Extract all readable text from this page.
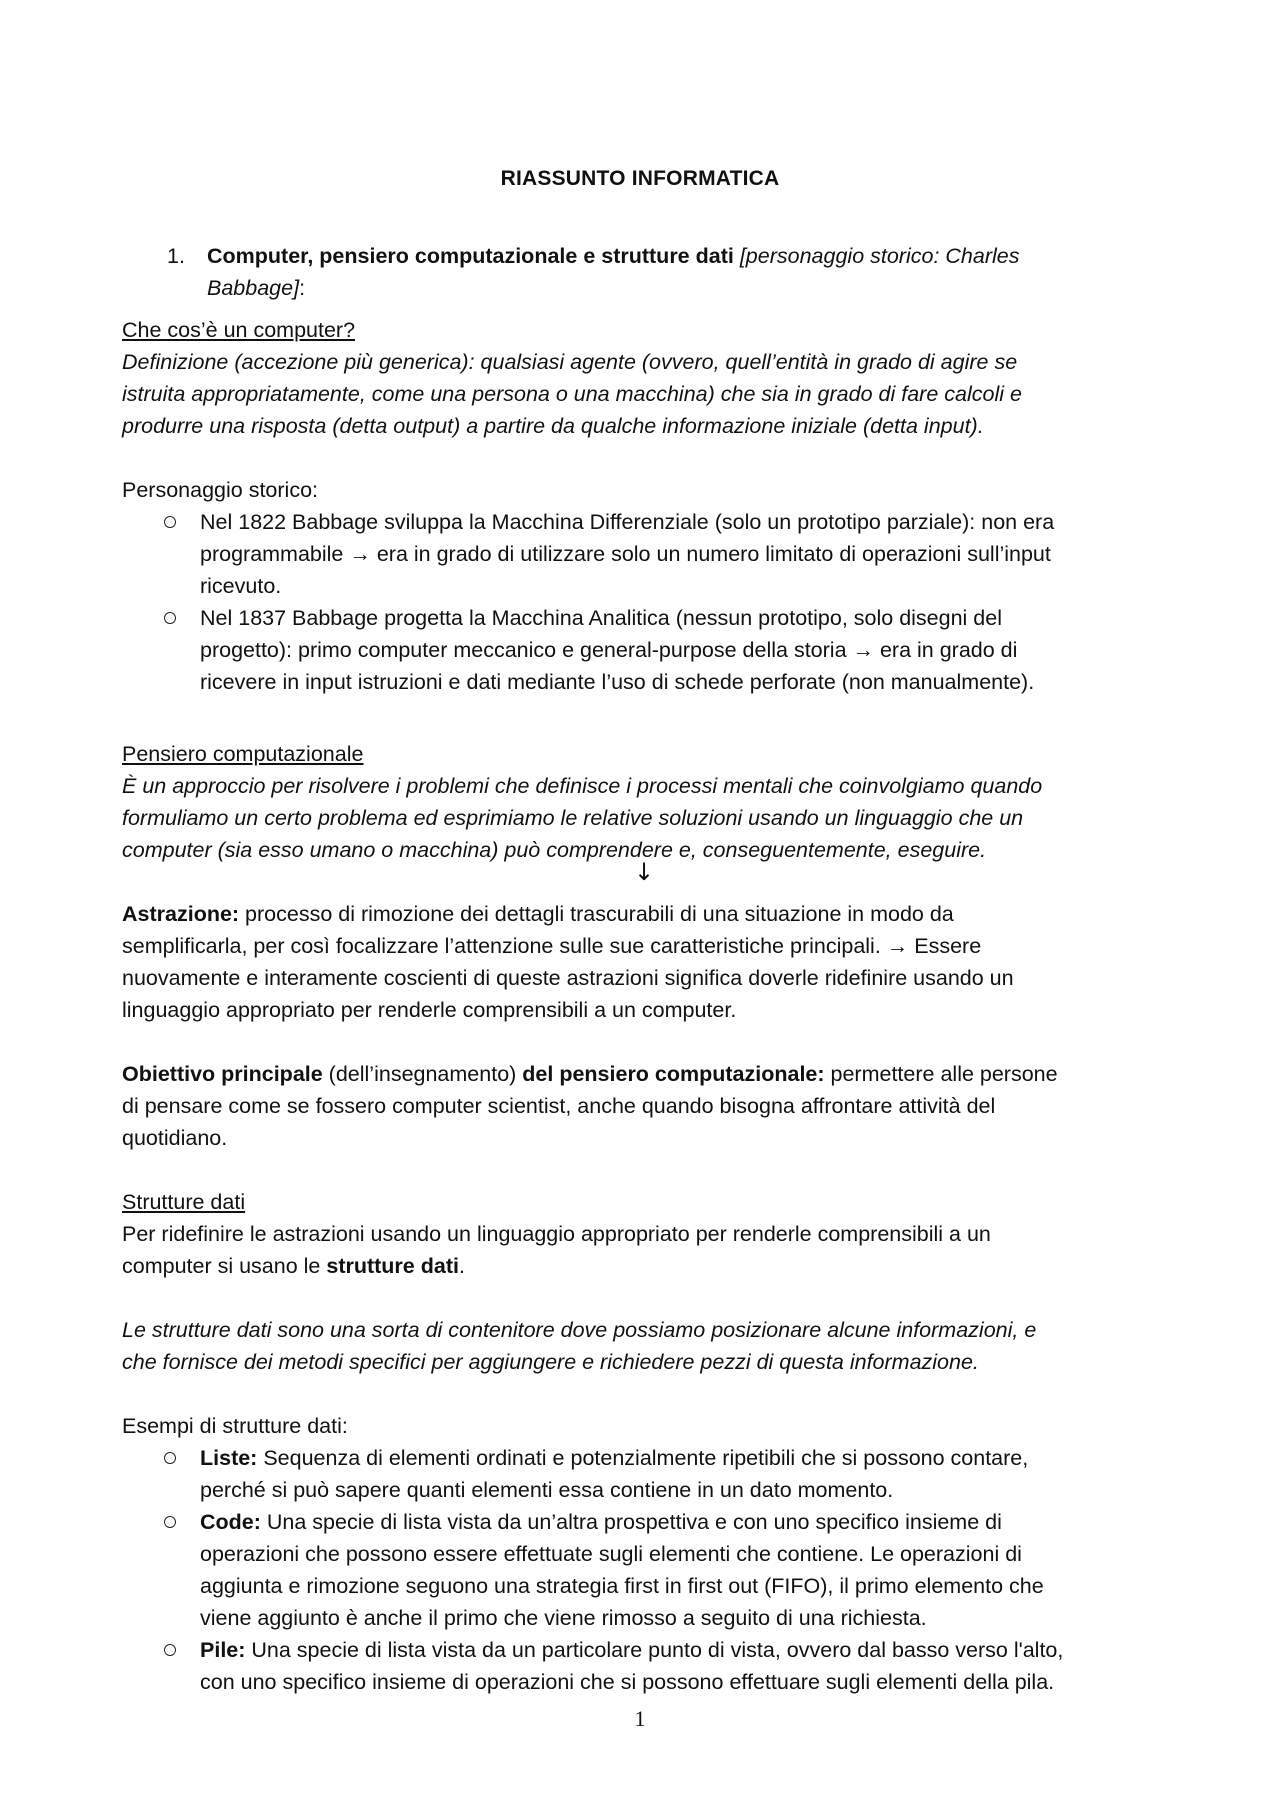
RIASSUNTO INFORMATICA
1. Computer, pensiero computazionale e strutture dati [personaggio storico: Charles
Babbage]:
Che cos’è un computer?
Definizione (accezione più generica): qualsiasi agente (ovvero, quell’entità in grado di agire se
istruita appropriatamente, come una persona o una macchina) che sia in grado di fare calcoli e
produrre una risposta (detta output) a partire da qualche informazione iniziale (detta input).
Personaggio storico:
Nel 1822 Babbage sviluppa la Macchina Differenziale (solo un prototipo parziale): non era
programmabile → era in grado di utilizzare solo un numero limitato di operazioni sull’input
ricevuto.
Nel 1837 Babbage progetta la Macchina Analitica (nessun prototipo, solo disegni del
progetto): primo computer meccanico e general-purpose della storia → era in grado di
ricevere in input istruzioni e dati mediante l’uso di schede perforate (non manualmente).
Pensiero computazionale
È un approccio per risolvere i problemi che definisce i processi mentali che coinvolgiamo quando
formuliamo un certo problema ed esprimiamo le relative soluzioni usando un linguaggio che un
computer (sia esso umano o macchina) può comprendere e, conseguentemente, eseguire.
↓
Astrazione: processo di rimozione dei dettagli trascurabili di una situazione in modo da
semplificarla, per così focalizzare l’attenzione sulle sue caratteristiche principali. → Essere
nuovamente e interamente coscienti di queste astrazioni significa doverle ridefinire usando un
linguaggio appropriato per renderle comprensibili a un computer.
Obiettivo principale (dell’insegnamento) del pensiero computazionale: permettere alle persone
di pensare come se fossero computer scientist, anche quando bisogna affrontare attività del
quotidiano.
Strutture dati
Per ridefinire le astrazioni usando un linguaggio appropriato per renderle comprensibili a un
computer si usano le strutture dati.
Le strutture dati sono una sorta di contenitore dove possiamo posizionare alcune informazioni, e
che fornisce dei metodi specifici per aggiungere e richiedere pezzi di questa informazione.
Esempi di strutture dati:
Liste: Sequenza di elementi ordinati e potenzialmente ripetibili che si possono contare,
perché si può sapere quanti elementi essa contiene in un dato momento.
Code: Una specie di lista vista da un’altra prospettiva e con uno specifico insieme di
operazioni che possono essere effettuate sugli elementi che contiene. Le operazioni di
aggiunta e rimozione seguono una strategia first in first out (FIFO), il primo elemento che
viene aggiunto è anche il primo che viene rimosso a seguito di una richiesta.
Pile: Una specie di lista vista da un particolare punto di vista, ovvero dal basso verso l'alto,
con uno specifico insieme di operazioni che si possono effettuare sugli elementi della pila.
1
